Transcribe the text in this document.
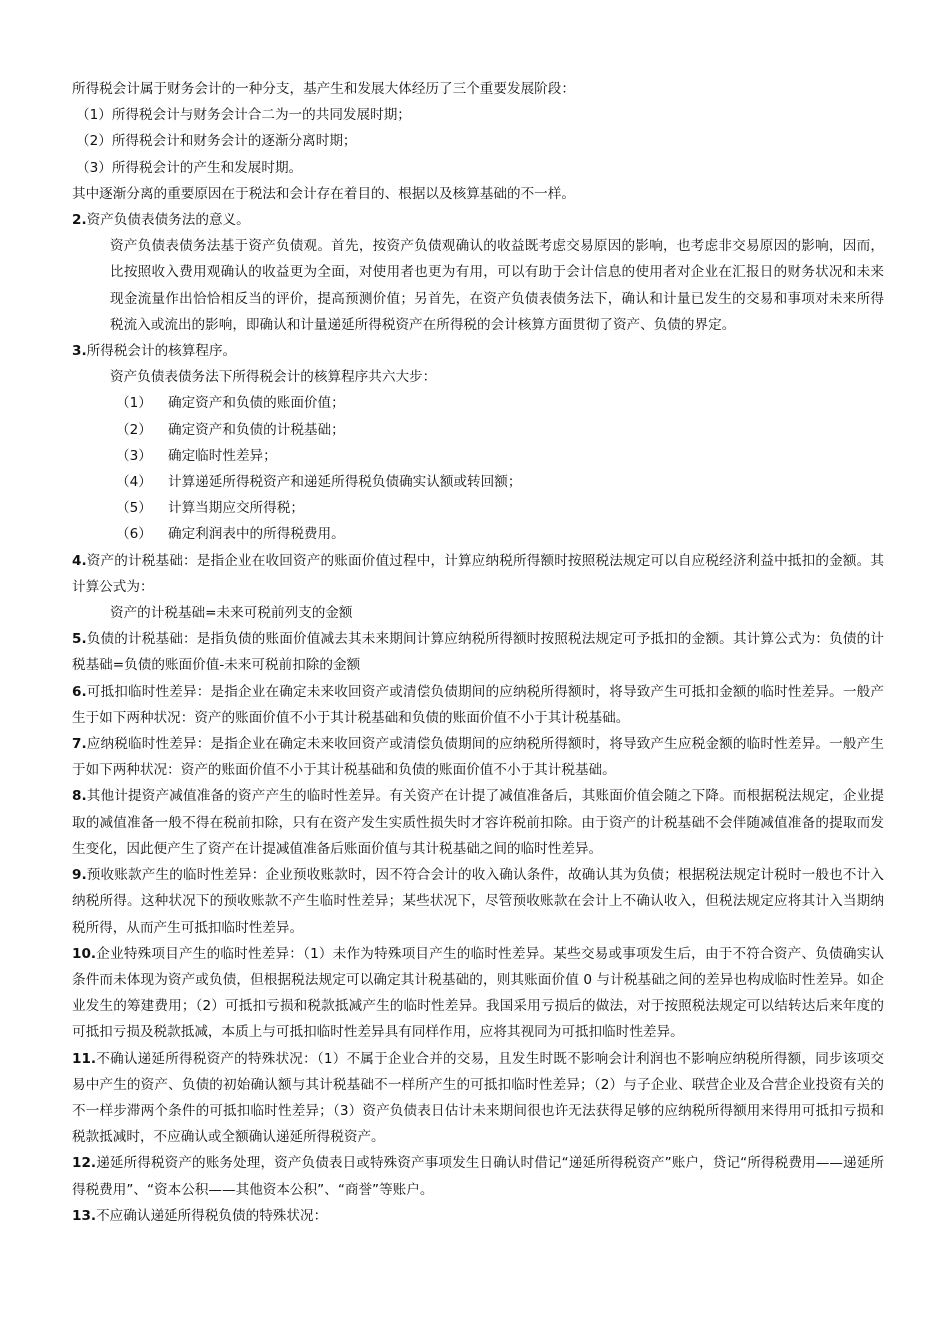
所得税会计属于财务会计的一种分支，基产生和发展大体经历了三个重要发展阶段：

（1）所得税会计与财务会计合二为一的共同发展时期；

（2）所得税会计和财务会计的逐渐分离时期；

（3）所得税会计的产生和发展时期。

其中逐渐分离的重要原因在于税法和会计存在着目的、根据以及核算基础的不一样。

2.资产负债表债务法的意义。

资产负债表债务法基于资产负债观。首先，按资产负债观确认的收益既考虑交易原因的影响，也考虑非交易原因的影响，因而，比按照收入费用观确认的收益更为全面，对使用者也更为有用，可以有助于会计信息的使用者对企业在汇报日的财务状况和未来现金流量作出恰恰相反当的评价，提高预测价值；另首先，在资产负债表债务法下，确认和计量已发生的交易和事项对未来所得税流入或流出的影响，即确认和计量递延所得税资产在所得税的会计核算方面贯彻了资产、负债的界定。

3.所得税会计的核算程序。

资产负债表债务法下所得税会计的核算程序共六大步：

（1）	确定资产和负债的账面价值；
（2）	确定资产和负债的计税基础；
（3）	确定临时性差异；
（4）	计算递延所得税资产和递延所得税负债确实认额或转回额；
（5）	计算当期应交所得税；
（6）	确定利润表中的所得税费用。

4.资产的计税基础：是指企业在收回资产的账面价值过程中，计算应纳税所得额时按照税法规定可以自应税经济利益中抵扣的金额。其计算公式为：

资产的计税基础=未来可税前列支的金额

5.负债的计税基础：是指负债的账面价值减去其未来期间计算应纳税所得额时按照税法规定可予抵扣的金额。其计算公式为：负债的计税基础=负债的账面价值-未来可税前扣除的金额

6.可抵扣临时性差异：是指企业在确定未来收回资产或清偿负债期间的应纳税所得额时，将导致产生可抵扣金额的临时性差异。一般产生于如下两种状况：资产的账面价值不小于其计税基础和负债的账面价值不小于其计税基础。

7.应纳税临时性差异：是指企业在确定未来收回资产或清偿负债期间的应纳税所得额时，将导致产生应税金额的临时性差异。一般产生于如下两种状况：资产的账面价值不小于其计税基础和负债的账面价值不小于其计税基础。

8.其他计提资产减值准备的资产产生的临时性差异。有关资产在计提了减值准备后，其账面价值会随之下降。而根据税法规定，企业提取的减值准备一般不得在税前扣除，只有在资产发生实质性损失时才容许税前扣除。由于资产的计税基础不会伴随减值准备的提取而发生变化，因此便产生了资产在计提减值准备后账面价值与其计税基础之间的临时性差异。

9.预收账款产生的临时性差异：企业预收账款时，因不符合会计的收入确认条件，故确认其为负债；根据税法规定计税时一般也不计入纳税所得。这种状况下的预收账款不产生临时性差异；某些状况下，尽管预收账款在会计上不确认收入，但税法规定应将其计入当期纳税所得，从而产生可抵扣临时性差异。

10.企业特殊项目产生的临时性差异：（1）未作为特殊项目产生的临时性差异。某些交易或事项发生后，由于不符合资产、负债确实认条件而未体现为资产或负债，但根据税法规定可以确定其计税基础的，则其账面价值 0 与计税基础之间的差异也构成临时性差异。如企业发生的筹建费用；（2）可抵扣亏损和税款抵减产生的临时性差异。我国采用亏损后的做法，对于按照税法规定可以结转达后来年度的可抵扣亏损及税款抵减，本质上与可抵扣临时性差异具有同样作用，应将其视同为可抵扣临时性差异。

11.不确认递延所得税资产的特殊状况：（1）不属于企业合并的交易，且发生时既不影响会计利润也不影响应纳税所得额，同步该项交易中产生的资产、负债的初始确认额与其计税基础不一样所产生的可抵扣临时性差异；（2）与子企业、联营企业及合营企业投资有关的不一样步滞两个条件的可抵扣临时性差异；（3）资产负债表日估计未来期间很也许无法获得足够的应纳税所得额用来得用可抵扣亏损和税款抵减时，不应确认或全额确认递延所得税资产。

12.递延所得税资产的账务处理，资产负债表日或特殊资产事项发生日确认时借记“递延所得税资产”账户，贷记“所得税费用——递延所得税费用”、“资本公积——其他资本公积”、“商誉”等账户。

13.不应确认递延所得税负债的特殊状况：
